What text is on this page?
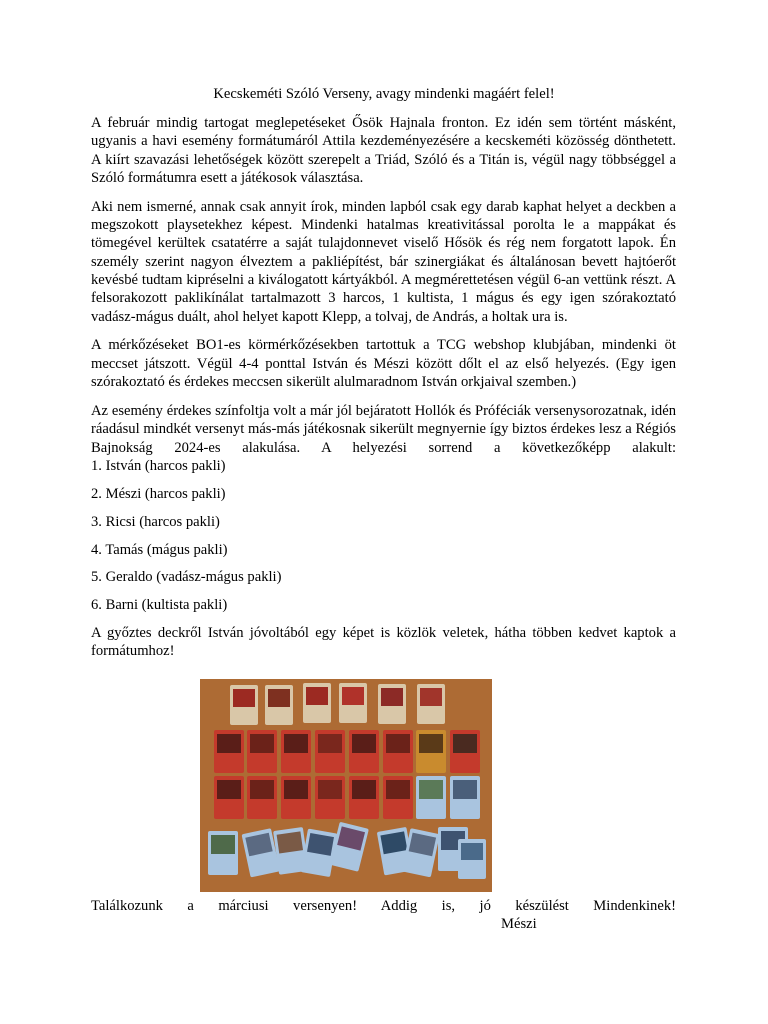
Kecskeméti Szóló Verseny, avagy mindenki magáért felel!

A február mindig tartogat meglepetéseket Ősök Hajnala fronton. Ez idén sem történt másként, ugyanis a havi esemény formátumáról Attila kezdeményezésére a kecskeméti közösség dönthetett. A kiírt szavazási lehetőségek között szerepelt a Triád, Szóló és a Titán is, végül nagy többséggel a Szóló formátumra esett a játékosok választása.

Aki nem ismerné, annak csak annyit írok, minden lapból csak egy darab kaphat helyet a deckben a megszokott playsetekhez képest. Mindenki hatalmas kreativitással porolta le a mappákat és tömegével kerültek csatatérre a saját tulajdonnevet viselő Hősök és rég nem forgatott lapok. Én személy szerint nagyon élveztem a pakliépítést, bár szinergiákat és általánosan bevett hajtóerőt kevésbé tudtam kipréselni a kiválogatott kártyákból. A megmérettetésen végül 6-an vettünk részt. A felsorakozott paklikínálat tartalmazott 3 harcos, 1 kultista, 1 mágus és egy igen szórakoztató vadász-mágus duált, ahol helyet kapott Klepp, a tolvaj, de András, a holtak ura is.

A mérkőzéseket BO1-es körmérkőzésekben tartottuk a TCG webshop klubjában, mindenki öt meccset játszott. Végül 4-4 ponttal István és Mészi között dőlt el az első helyezés. (Egy igen szórakoztató és érdekes meccsen sikerült alulmaradnom István orkjaival szemben.)

Az esemény érdekes színfoltja volt a már jól bejáratott Hollók és Próféciák versenysorozatnak, idén ráadásul mindkét versenyt más-más játékosnak sikerült megnyernie így biztos érdekes lesz a Régiós Bajnokság 2024-es alakulása. A helyezési sorrend a következőképp alakult:

1. István (harcos pakli)

2. Mészi (harcos pakli)

3. Ricsi (harcos pakli)

4. Tamás (mágus pakli)

5. Geraldo (vadász-mágus pakli)

6. Barni (kultista pakli)

A győztes deckről István jóvoltából egy képet is közlök veletek, hátha többen kedvet kaptok a formátumhoz!

Találkozunk a márciusi versenyen! Addig is, jó készülést Mindenkinek!
Mészi
